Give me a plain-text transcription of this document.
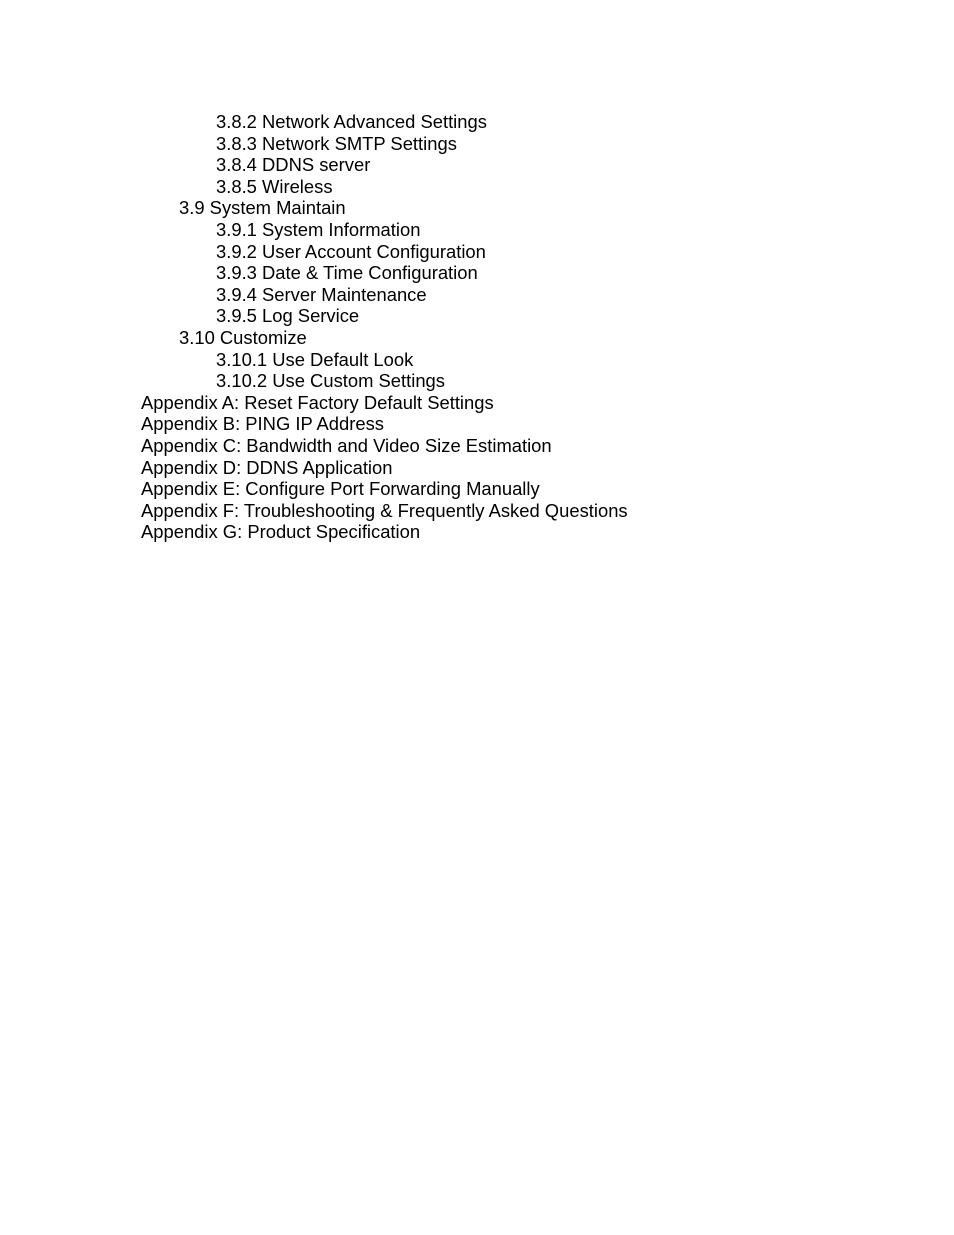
3.8.2 Network Advanced Settings
3.8.3 Network SMTP Settings
3.8.4 DDNS server
3.8.5 Wireless
3.9 System Maintain
3.9.1 System Information
3.9.2 User Account Configuration
3.9.3 Date & Time Configuration
3.9.4 Server Maintenance
3.9.5 Log Service
3.10 Customize
3.10.1 Use Default Look
3.10.2 Use Custom Settings
Appendix A: Reset Factory Default Settings
Appendix B: PING IP Address
Appendix C: Bandwidth and Video Size Estimation
Appendix D: DDNS Application
Appendix E: Configure Port Forwarding Manually
Appendix F: Troubleshooting & Frequently Asked Questions
Appendix G: Product Specification
